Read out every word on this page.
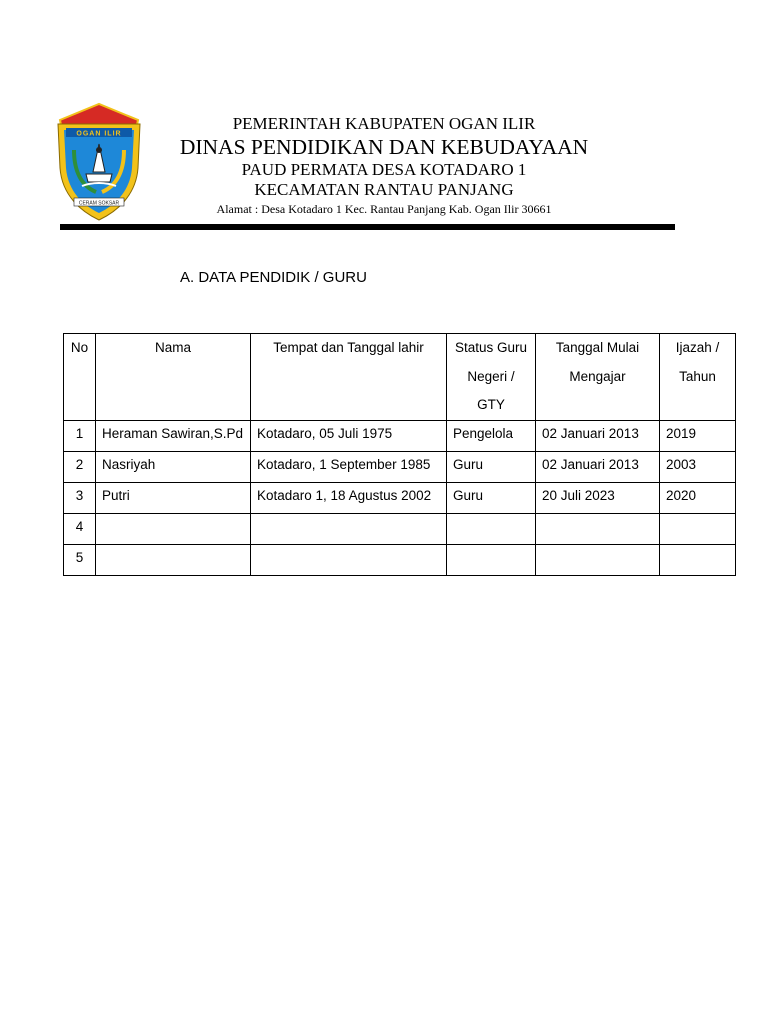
OGAN ILIR
CERAM SOKSAR
PEMERINTAH KABUPATEN OGAN ILIR
DINAS PENDIDIKAN DAN KEBUDAYAAN
PAUD PERMATA DESA KOTADARO 1
KECAMATAN RANTAU PANJANG
Alamat : Desa Kotadaro 1 Kec. Rantau Panjang Kab. Ogan Ilir 30661
A. DATA PENDIDIK / GURU
No	Nama	Tempat dan Tanggal lahir	Status Guru Negeri / GTY	Tanggal Mulai Mengajar	Ijazah / Tahun
1	Heraman Sawiran,S.Pd	Kotadaro, 05 Juli 1975	Pengelola	02 Januari 2013	2019
2	Nasriyah	Kotadaro, 1 September 1985	Guru	02 Januari 2013	2003
3	Putri	Kotadaro 1, 18 Agustus 2002	Guru	20 Juli 2023	2020
4					
5					
